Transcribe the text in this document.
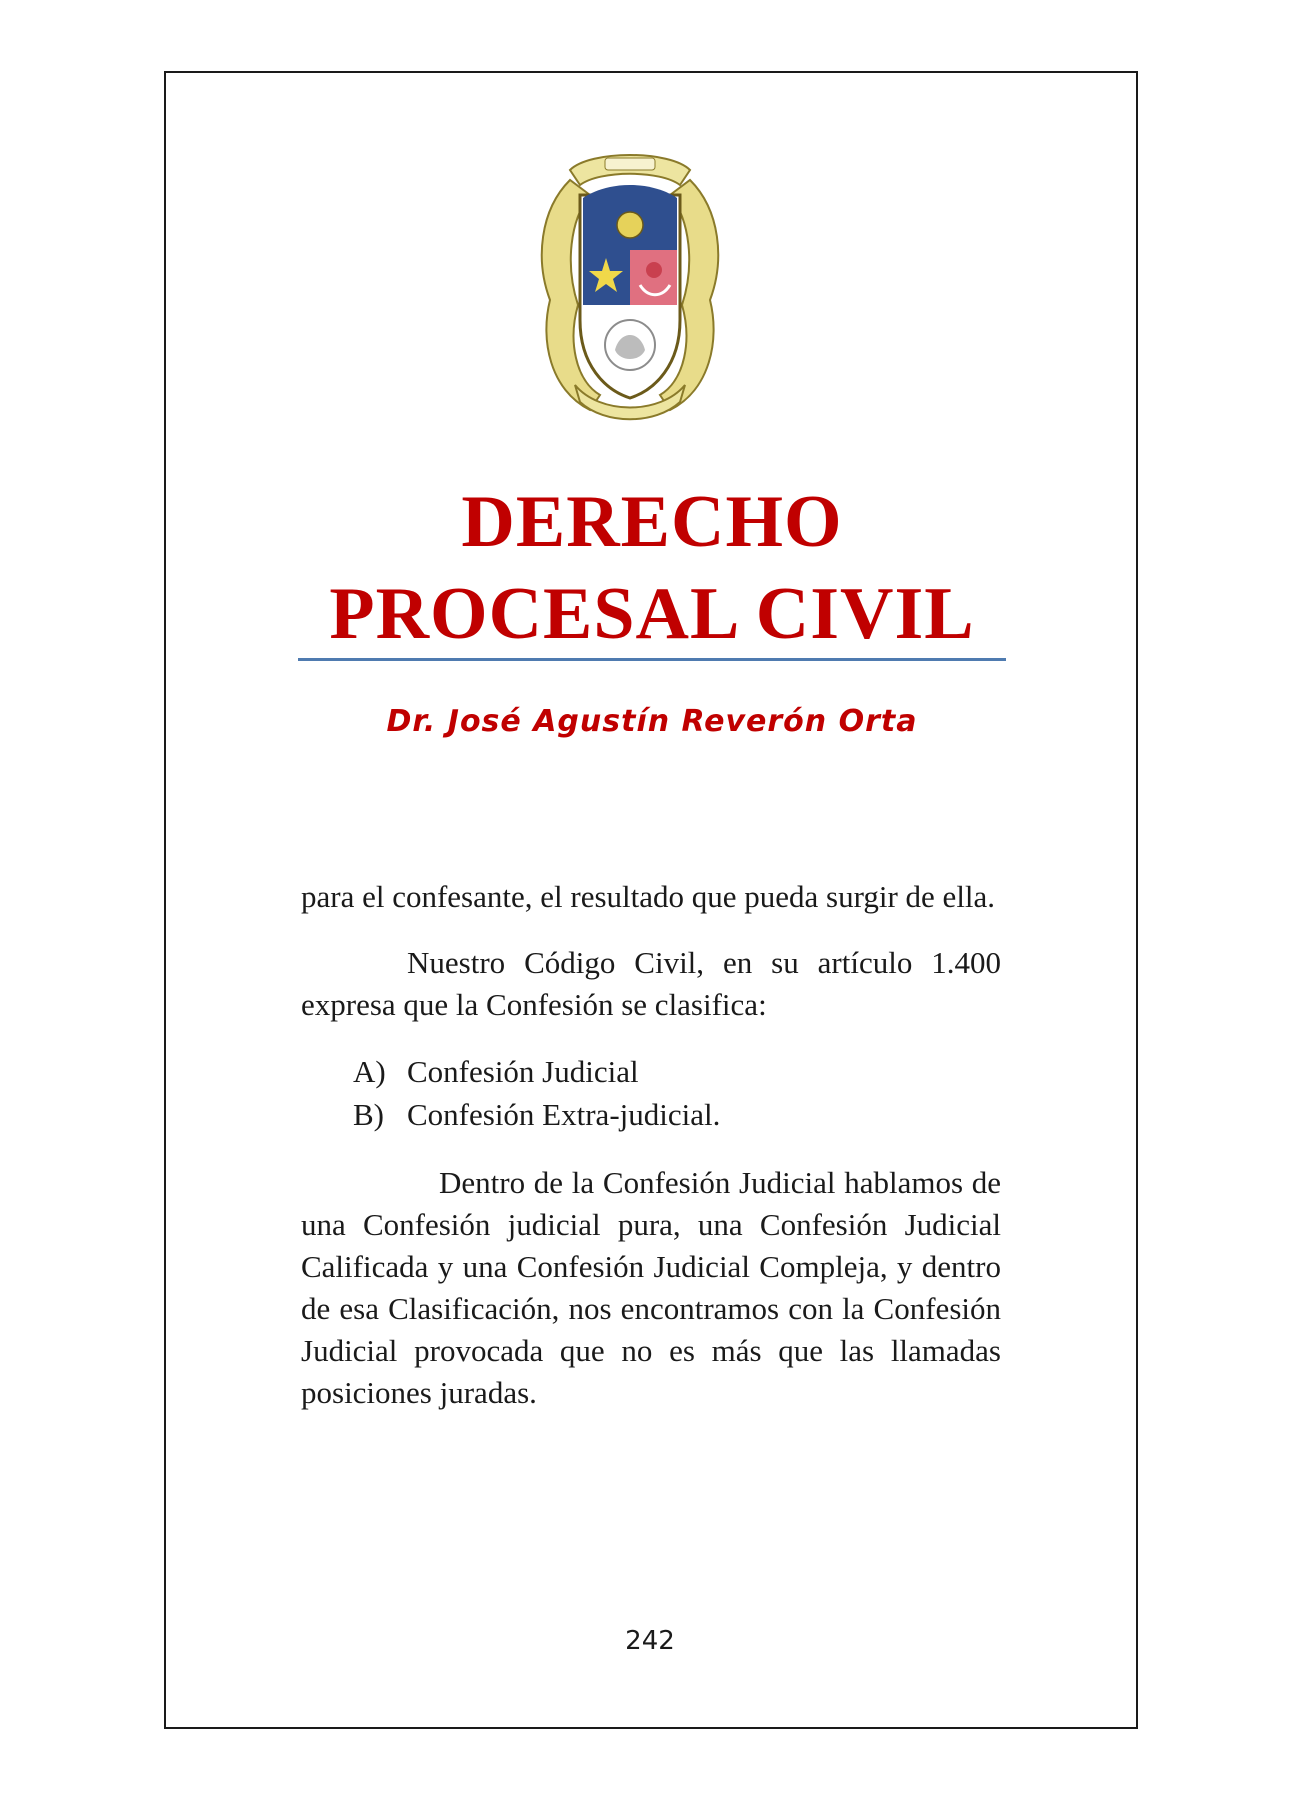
DERECHO
PROCESAL CIVIL
Dr. José Agustín Reverón Orta

para el confesante, el resultado que pueda surgir de ella.

Nuestro Código Civil, en su artículo 1.400 expresa que la Confesión se clasifica:

A) Confesión Judicial
B) Confesión Extra-judicial.

Dentro de la Confesión Judicial hablamos de una Confesión judicial pura, una Confesión Judicial Calificada y una Confesión Judicial Compleja, y dentro de esa Clasificación, nos encontramos con la Confesión Judicial provocada que no es más que las llamadas posiciones juradas.

242
